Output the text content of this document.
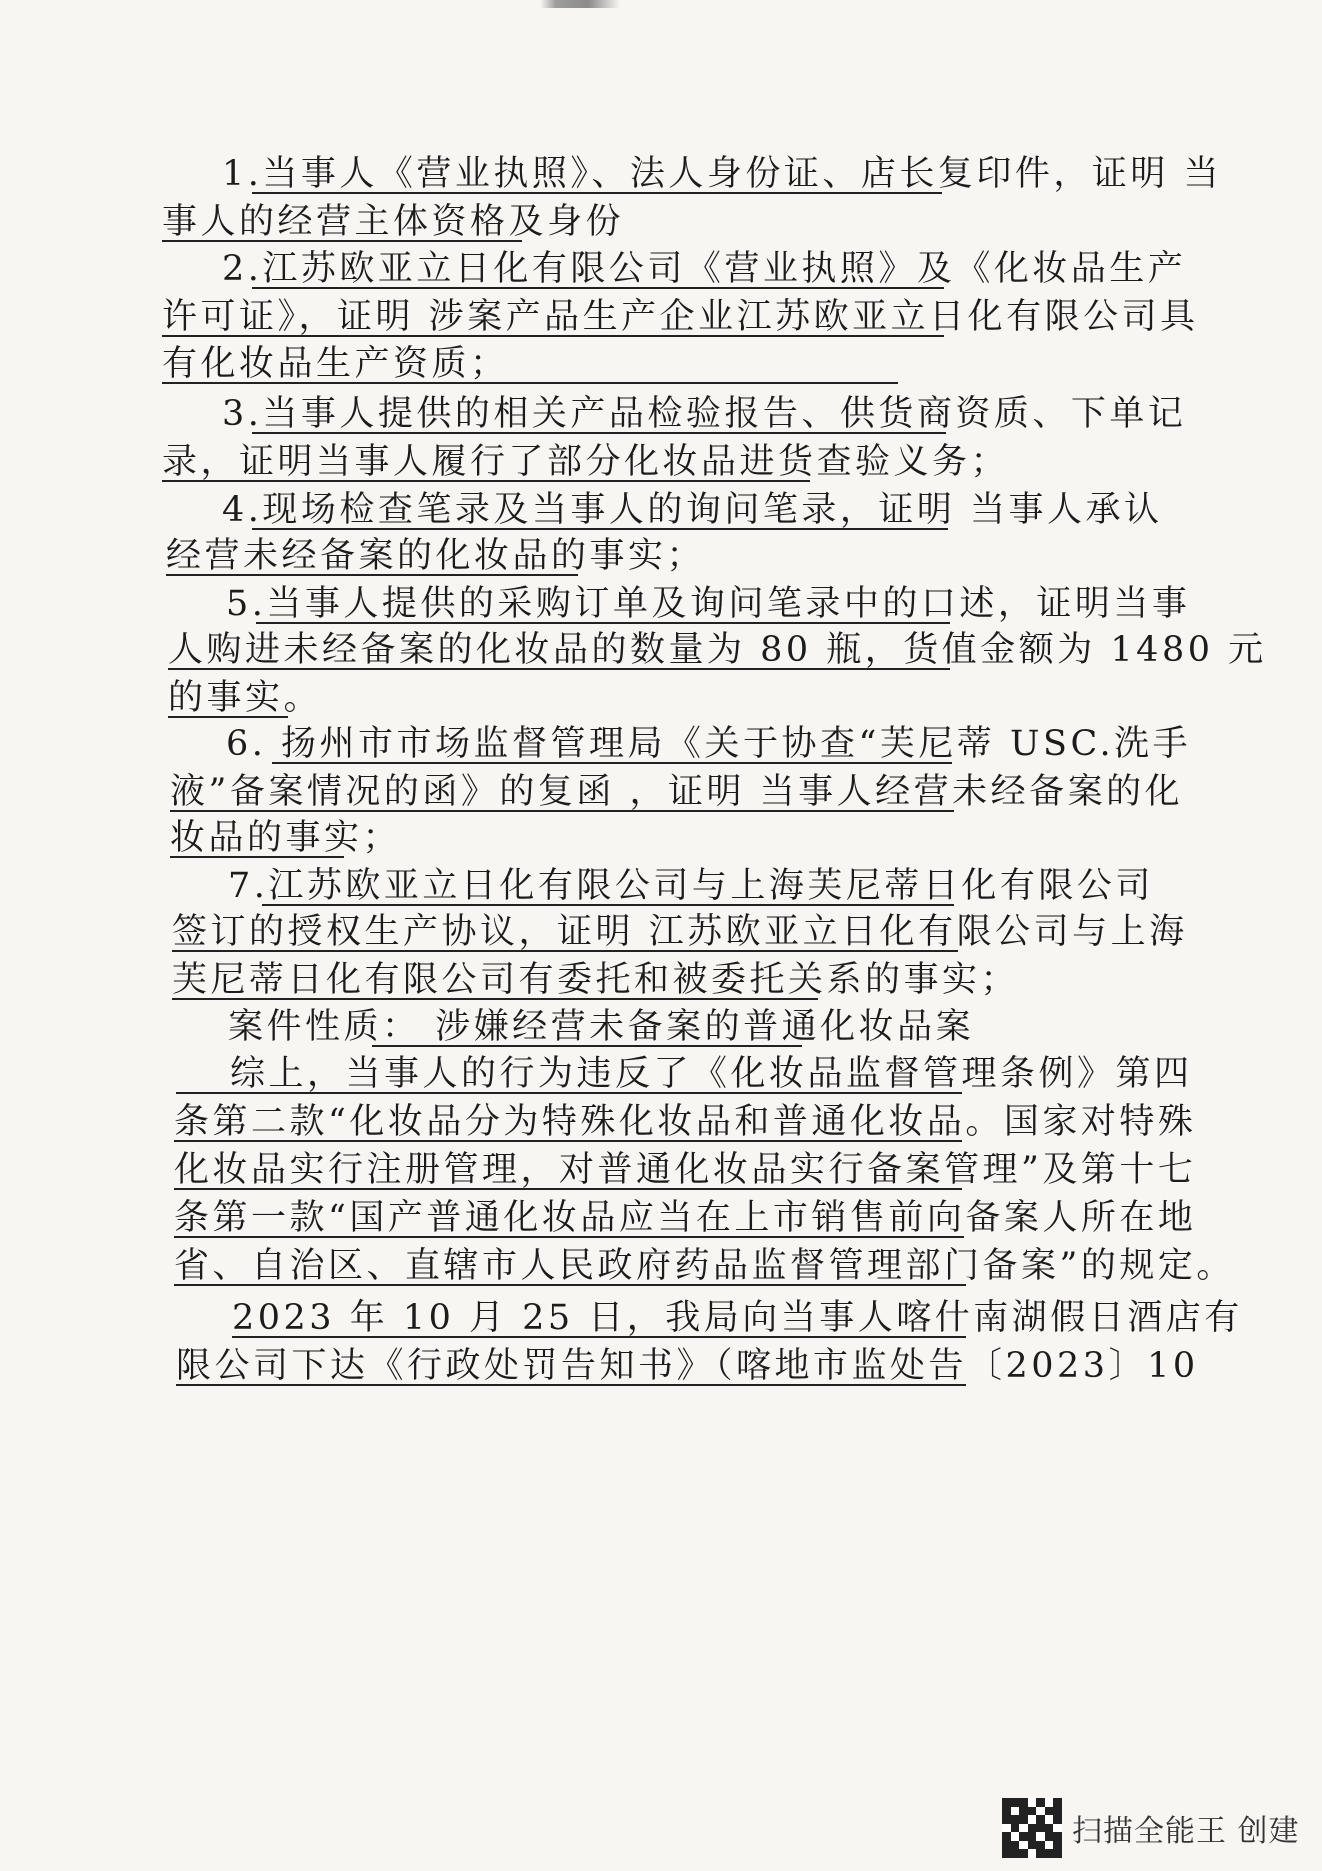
1.当事人《营业执照》、法人身份证、店长复印件，证明 当
事人的经营主体资格及身份
2.江苏欧亚立日化有限公司《营业执照》及《化妆品生产
许可证》，证明 涉案产品生产企业江苏欧亚立日化有限公司具
有化妆品生产资质；
3.当事人提供的相关产品检验报告、供货商资质、下单记
录，证明当事人履行了部分化妆品进货查验义务；
4.现场检查笔录及当事人的询问笔录，证明 当事人承认
经营未经备案的化妆品的事实；
5.当事人提供的采购订单及询问笔录中的口述，证明当事
人购进未经备案的化妆品的数量为 80 瓶，货值金额为 1480 元
的事实。
6. 扬州市市场监督管理局《关于协查“芙尼蒂 USC.洗手
液”备案情况的函》的复函 ，证明 当事人经营未经备案的化
妆品的事实；
7.江苏欧亚立日化有限公司与上海芙尼蒂日化有限公司
签订的授权生产协议，证明 江苏欧亚立日化有限公司与上海
芙尼蒂日化有限公司有委托和被委托关系的事实；
案件性质： 涉嫌经营未备案的普通化妆品案
综上，当事人的行为违反了《化妆品监督管理条例》第四
条第二款“化妆品分为特殊化妆品和普通化妆品。国家对特殊
化妆品实行注册管理，对普通化妆品实行备案管理”及第十七
条第一款“国产普通化妆品应当在上市销售前向备案人所在地
省、自治区、直辖市人民政府药品监督管理部门备案”的规定。
2023 年 10 月 25 日，我局向当事人喀什南湖假日酒店有
限公司下达《行政处罚告知书》（喀地市监处告〔2023〕10
扫描全能王 创建
